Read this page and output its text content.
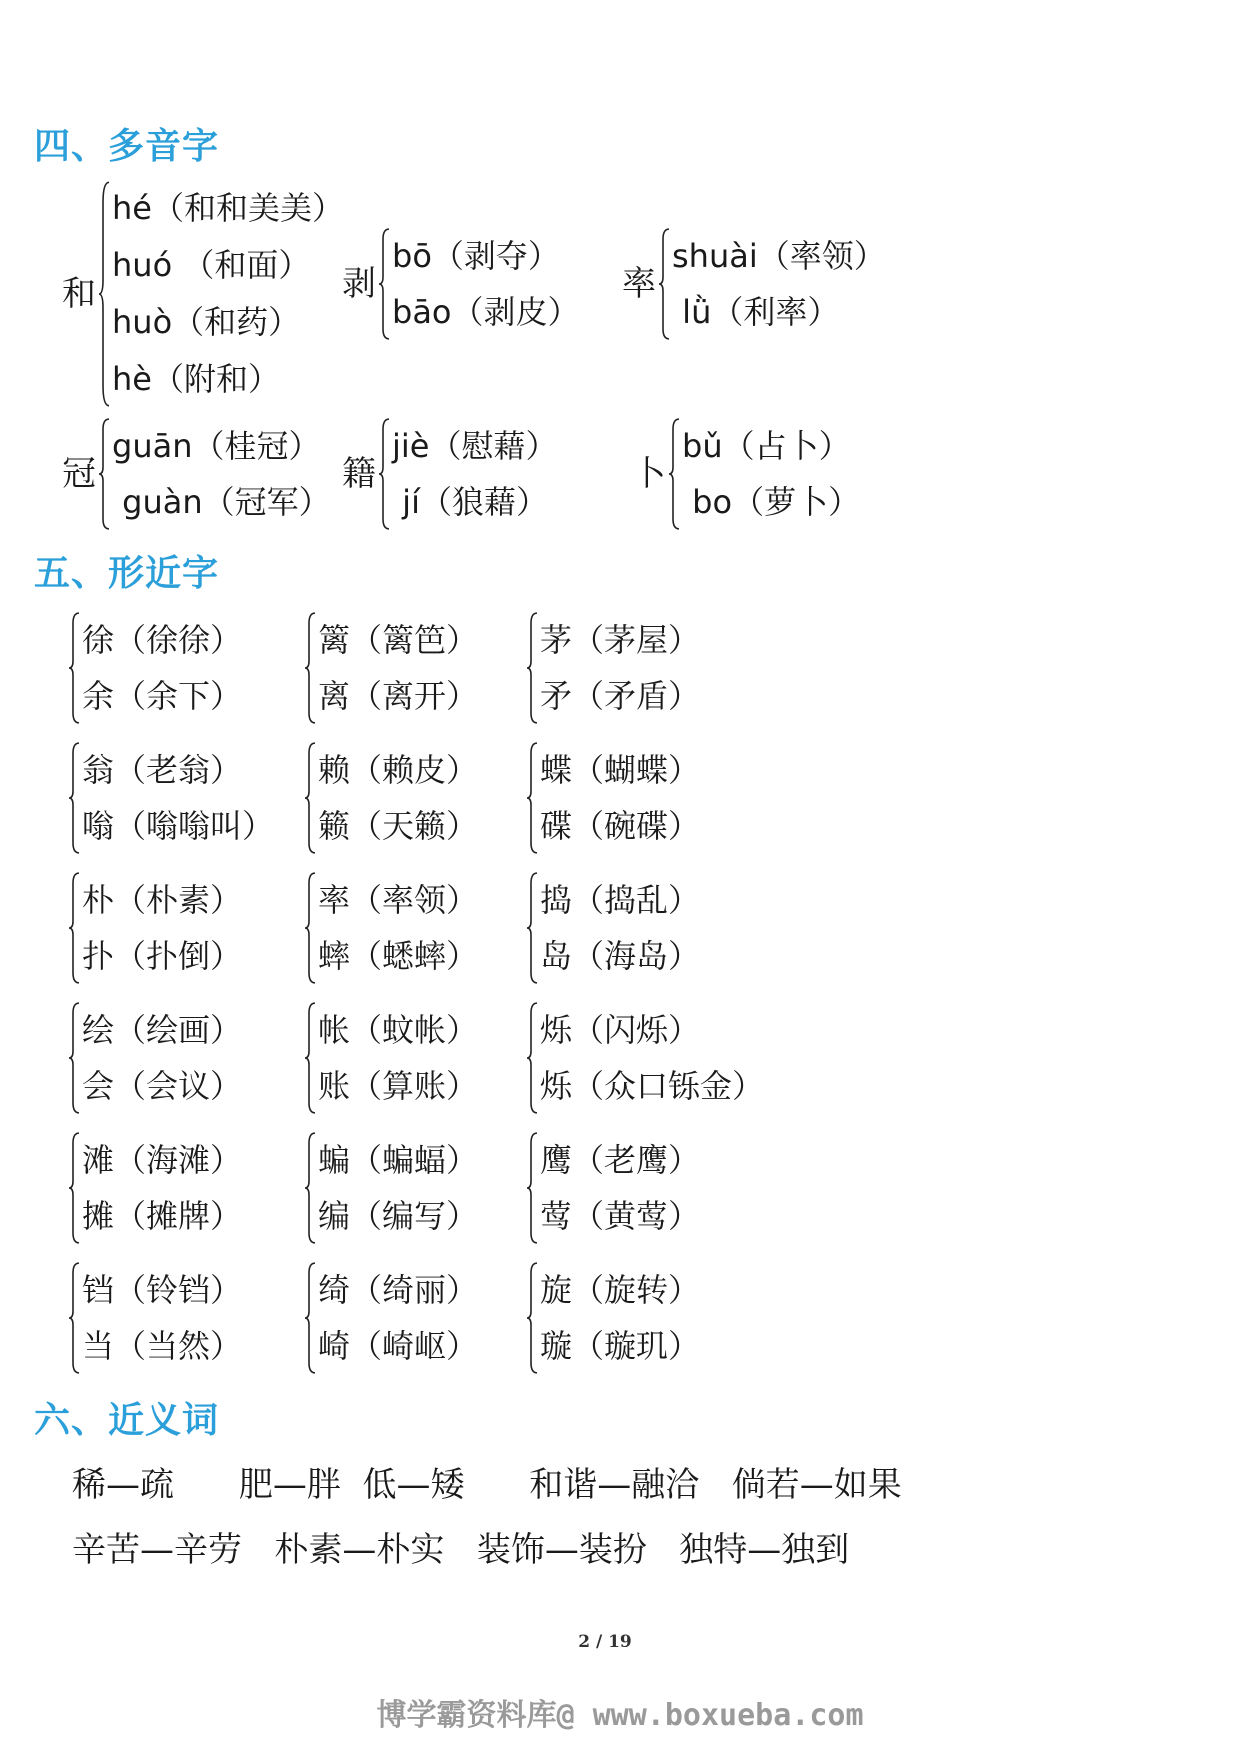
四、多音字
和
hé（和和美美）
huó （和面）
huò（和药）
hè（附和）
剥
bō（剥夺）
bāo（剥皮）
率
shuài（率领）
lǜ（利率）
冠
guān（桂冠）
guàn（冠军）
籍
jiè（慰藉）
jí（狼藉）
卜
bǔ（占卜）
bo（萝卜）
五、形近字
徐（徐徐）
余（余下）
篱（篱笆）
离（离开）
茅（茅屋）
矛（矛盾）
翁（老翁）
嗡（嗡嗡叫）
赖（赖皮）
籁（天籁）
蝶（蝴蝶）
碟（碗碟）
朴（朴素）
扑（扑倒）
率（率领）
蟀（蟋蟀）
捣（捣乱）
岛（海岛）
绘（绘画）
会（会议）
帐（蚊帐）
账（算账）
烁（闪烁）
烁（众口铄金）
滩（海滩）
摊（摊牌）
蝙（蝙蝠）
编（编写）
鹰（老鹰）
莺（黄莺）
铛（铃铛）
当（当然）
绮（绮丽）
崎（崎岖）
旋（旋转）
璇（璇玑）
六、近义词
稀—疏      肥—胖  低—矮      和谐—融洽   倘若—如果
辛苦—辛劳   朴素—朴实   装饰—装扮   独特—独到
2 / 19
博学霸资料库@ www.boxueba.com
